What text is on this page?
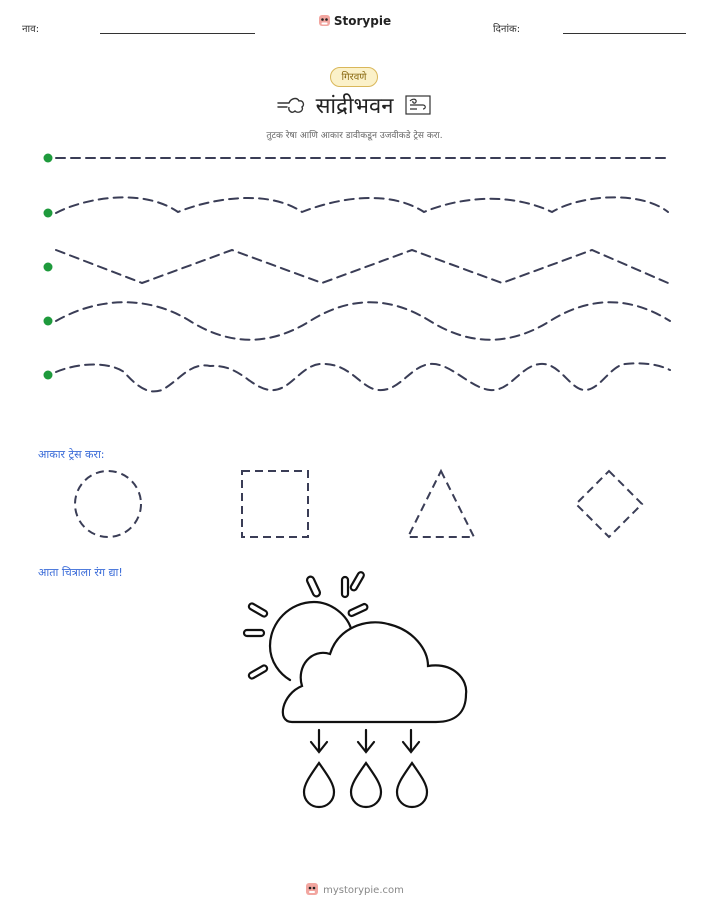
नाव:
Storypie
दिनांक:
गिरवणे
सांद्रीभवन
तुटक रेषा आणि आकार डावीकडून उजवीकडे ट्रेस करा.
आकार ट्रेस करा:
आता चित्राला रंग द्या!
mystorypie.com
